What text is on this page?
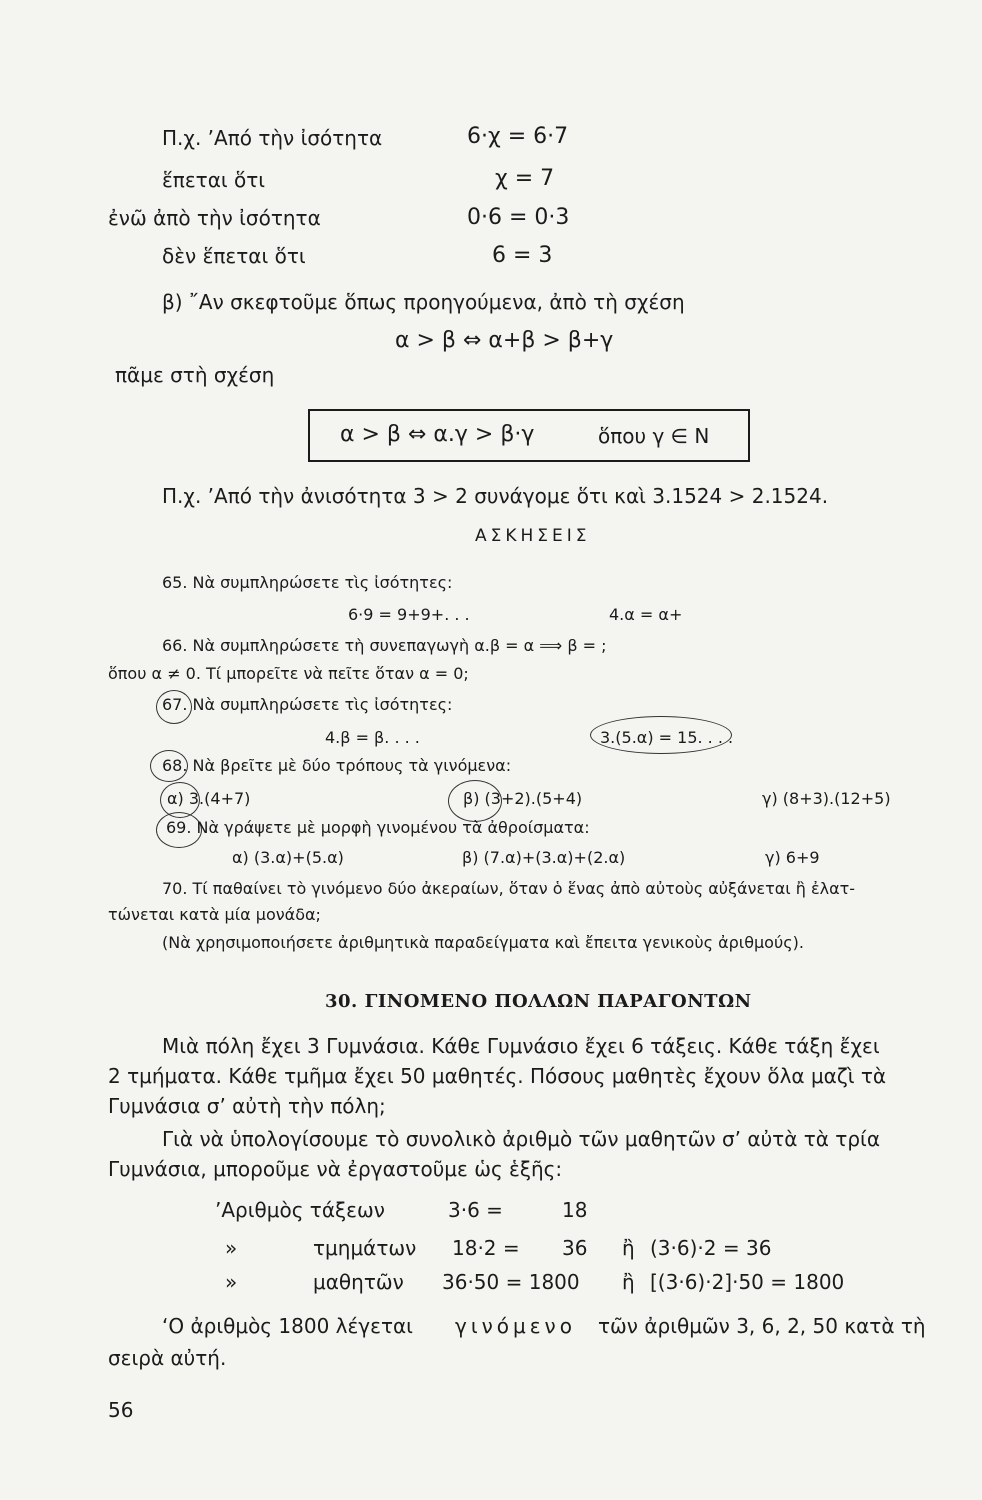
Π.χ. ’Από τὴν ἰσότητα	6·χ = 6·7
ἕπεται ὅτι	χ = 7
ἐνῶ ἀπὸ τὴν ἰσότητα	0·6 = 0·3
δὲν ἕπεται ὅτι	6 = 3
β) ῎Αν σκεφτοῦμε ὅπως προηγούμενα, ἀπὸ τὴ σχέση
α > β ⇔ α+β > β+γ
πᾶμε στὴ σχέση
α > β ⇔ α.γ > β·γ	ὅπου γ ∈ Ν
Π.χ. ’Από τὴν ἀνισότητα 3 > 2 συνάγομε ὅτι καὶ 3.1524 > 2.1524.
ΑΣΚΗΣΕΙΣ
65. Νὰ συμπληρώσετε τὶς ἰσότητες:
6·9 = 9+9+. . .	4.α = α+
66. Νὰ συμπληρώσετε τὴ συνεπαγωγὴ α.β = α ⟹ β = ;
ὅπου α ≠ 0. Τί μπορεῖτε νὰ πεῖτε ὅταν α = 0;
67. Νὰ συμπληρώσετε τὶς ἰσότητες:
4.β = β. . . .	3.(5.α) = 15. . . .
68. Νὰ βρεῖτε μὲ δύο τρόπους τὰ γινόμενα:
α) 3.(4+7)	β) (3+2).(5+4)	γ) (8+3).(12+5)
69. Νὰ γράψετε μὲ μορφὴ γινομένου τὰ ἀθροίσματα:
α) (3.α)+(5.α)	β) (7.α)+(3.α)+(2.α)	γ) 6+9
70. Τί παθαίνει τὸ γινόμενο δύο ἀκεραίων, ὅταν ὁ ἕνας ἀπὸ αὐτοὺς αὐξάνεται ἢ ἐλατ-
τώνεται κατὰ μία μονάδα;
(Νὰ χρησιμοποιήσετε ἀριθμητικὰ παραδείγματα καὶ ἔπειτα γενικοὺς ἀριθμούς).
30. ΓΙΝΟΜΕΝΟ ΠΟΛΛΩΝ ΠΑΡΑΓΟΝΤΩΝ
Μιὰ πόλη ἔχει 3 Γυμνάσια. Κάθε Γυμνάσιο ἔχει 6 τάξεις. Κάθε τάξη ἔχει
2 τμήματα. Κάθε τμῆμα ἔχει 50 μαθητές. Πόσους μαθητὲς ἔχουν ὅλα μαζὶ τὰ
Γυμνάσια σ’ αὐτὴ τὴν πόλη;
Γιὰ νὰ ὑπολογίσουμε τὸ συνολικὸ ἀριθμὸ τῶν μαθητῶν σ’ αὐτὰ τὰ τρία
Γυμνάσια, μποροῦμε νὰ ἐργαστοῦμε ὡς ἑξῆς:
’Αριθμὸς τάξεων	3·6 =	18
»	τμημάτων 18·2 = 36 ἢ (3·6)·2 = 36
»	μαθητῶν 36·50 = 1800 ἢ [(3·6)·2]·50 = 1800
‘Ο ἀριθμὸς 1800 λέγεται γινόμενο τῶν ἀριθμῶν 3, 6, 2, 50 κατὰ τὴ
σειρὰ αὐτή.
56
